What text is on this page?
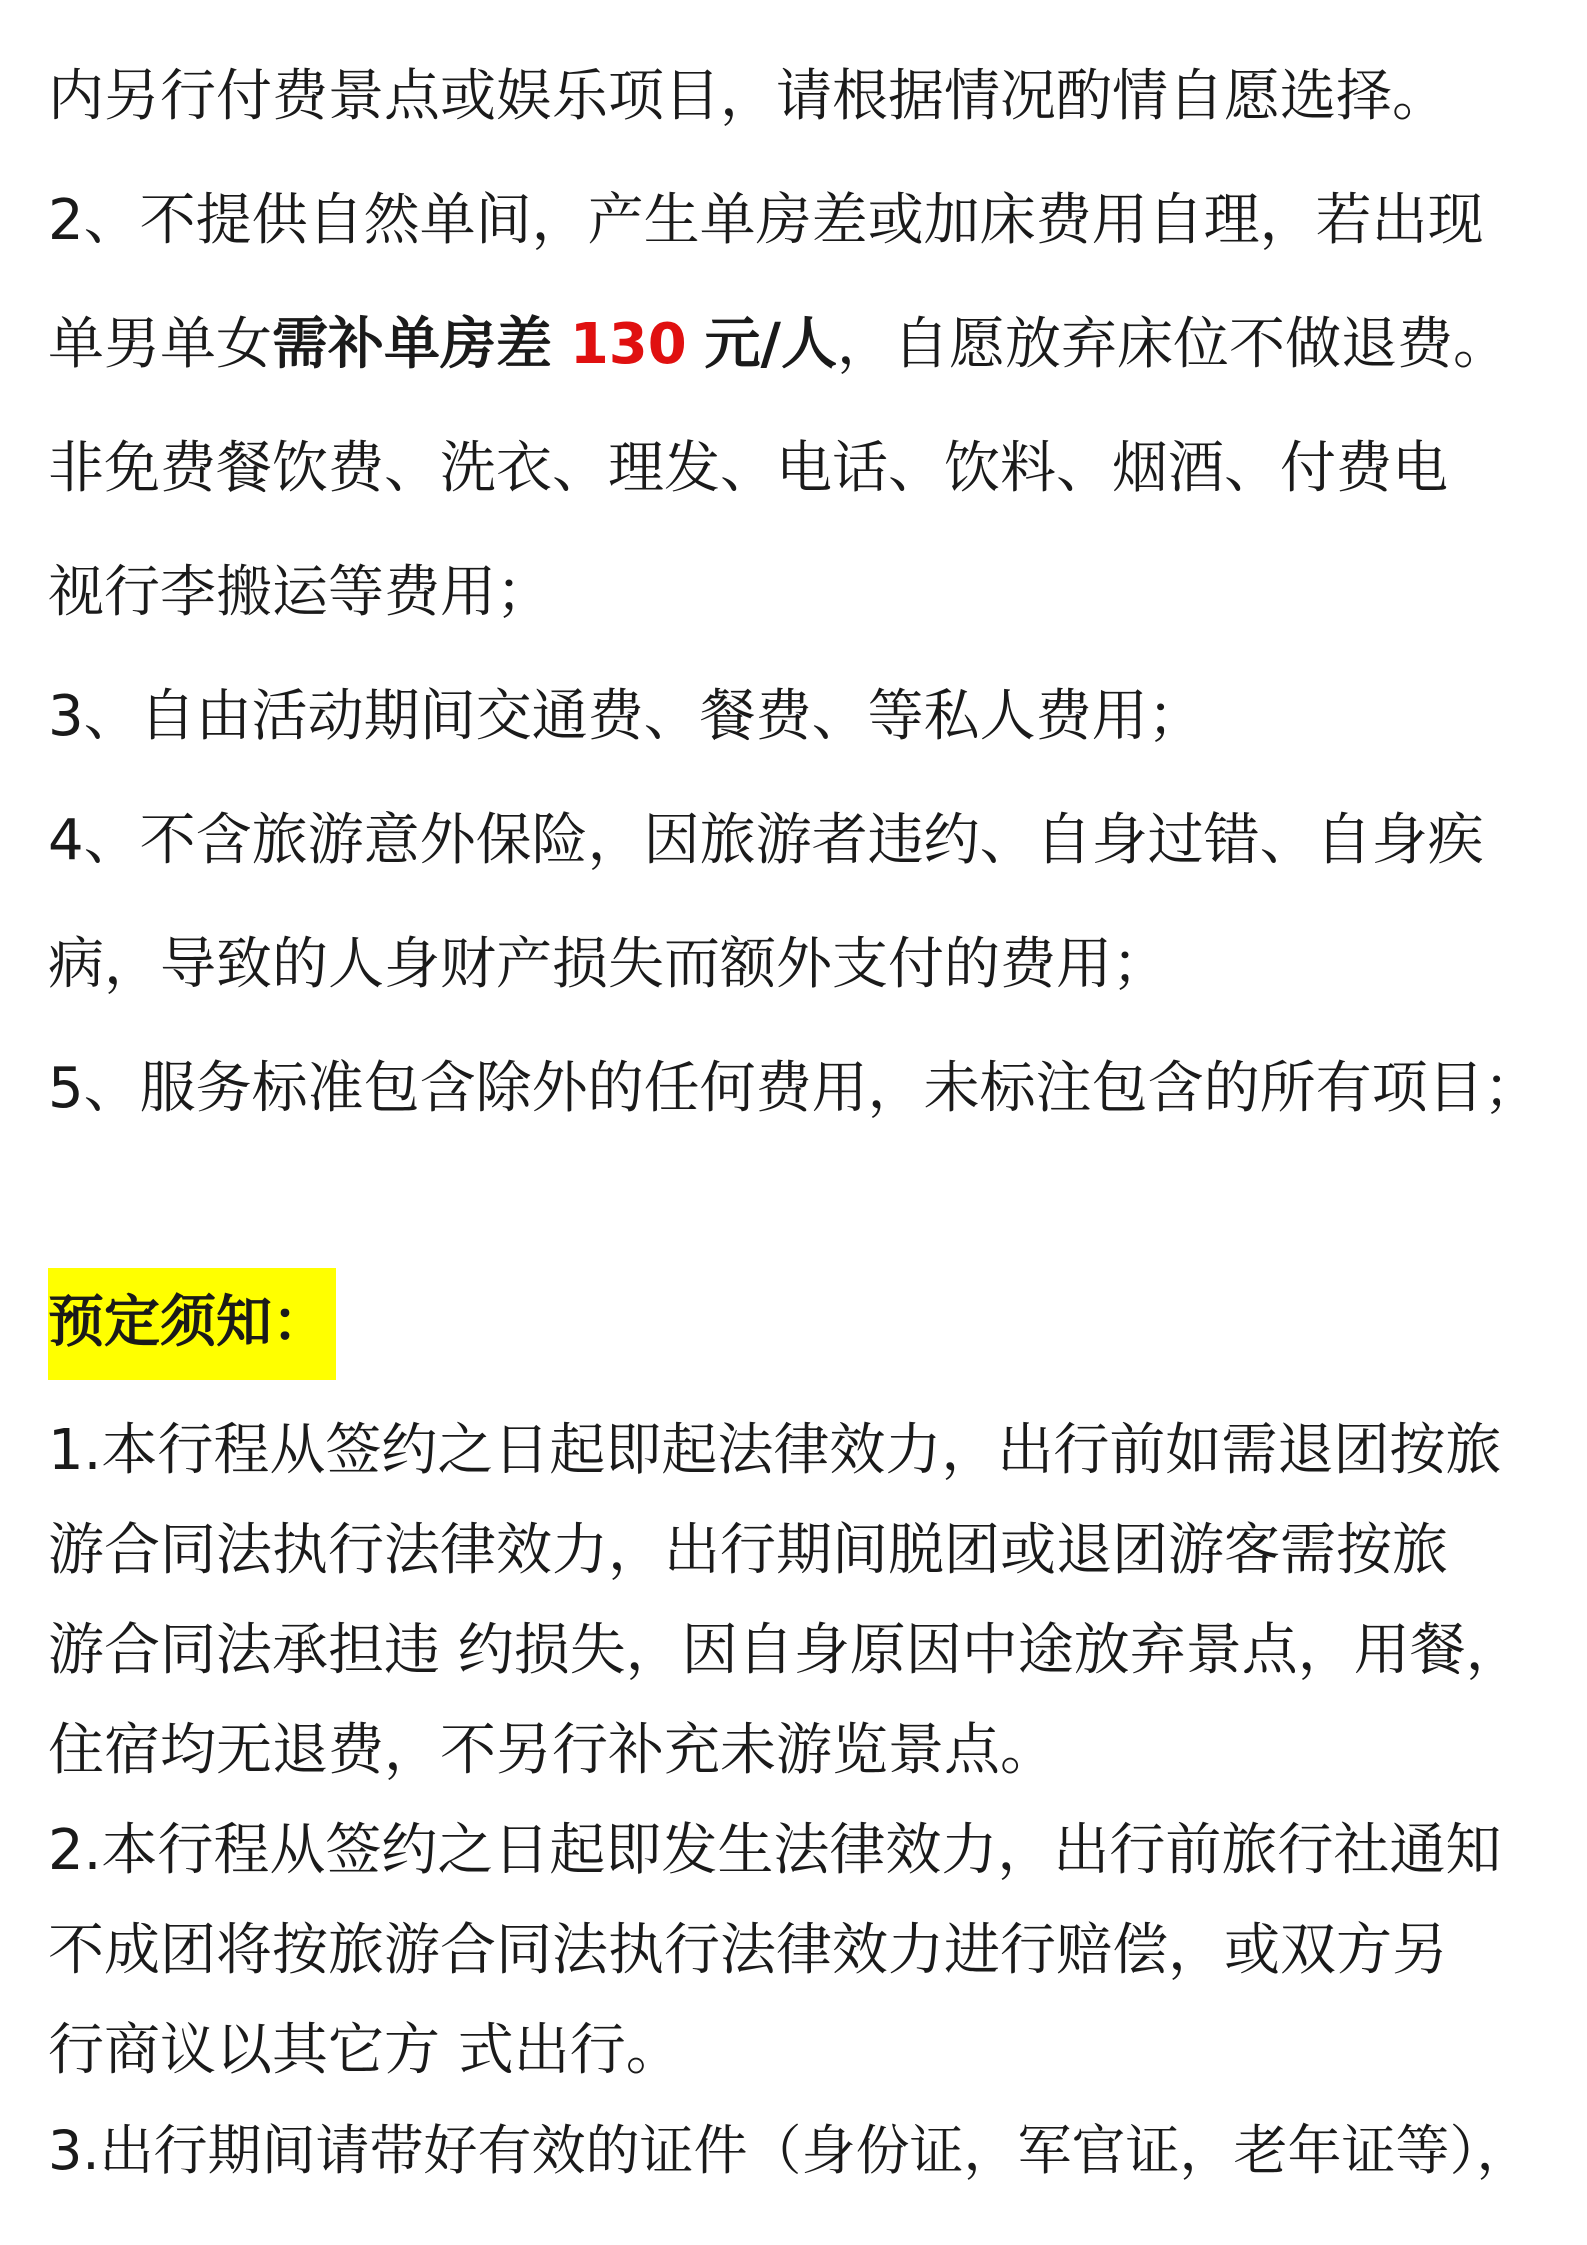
内另行付费景点或娱乐项目，请根据情况酌情自愿选择。
2、不提供自然单间，产生单房差或加床费用自理，若出现
单男单女需补单房差 130 元/人，自愿放弃床位不做退费。
非免费餐饮费、洗衣、理发、电话、饮料、烟酒、付费电
视行李搬运等费用；
3、自由活动期间交通费、餐费、等私人费用；
4、不含旅游意外保险，因旅游者违约、自身过错、自身疾
病，导致的人身财产损失而额外支付的费用；
5、服务标准包含除外的任何费用，未标注包含的所有项目；
预定须知：
1.本行程从签约之日起即起法律效力，出行前如需退团按旅
游合同法执行法律效力，出行期间脱团或退团游客需按旅
游合同法承担违 约损失，因自身原因中途放弃景点，用餐，
住宿均无退费，不另行补充未游览景点。
2.本行程从签约之日起即发生法律效力，出行前旅行社通知
不成团将按旅游合同法执行法律效力进行赔偿，或双方另
行商议以其它方 式出行。
3.出行期间请带好有效的证件（身份证，军官证，老年证等），
